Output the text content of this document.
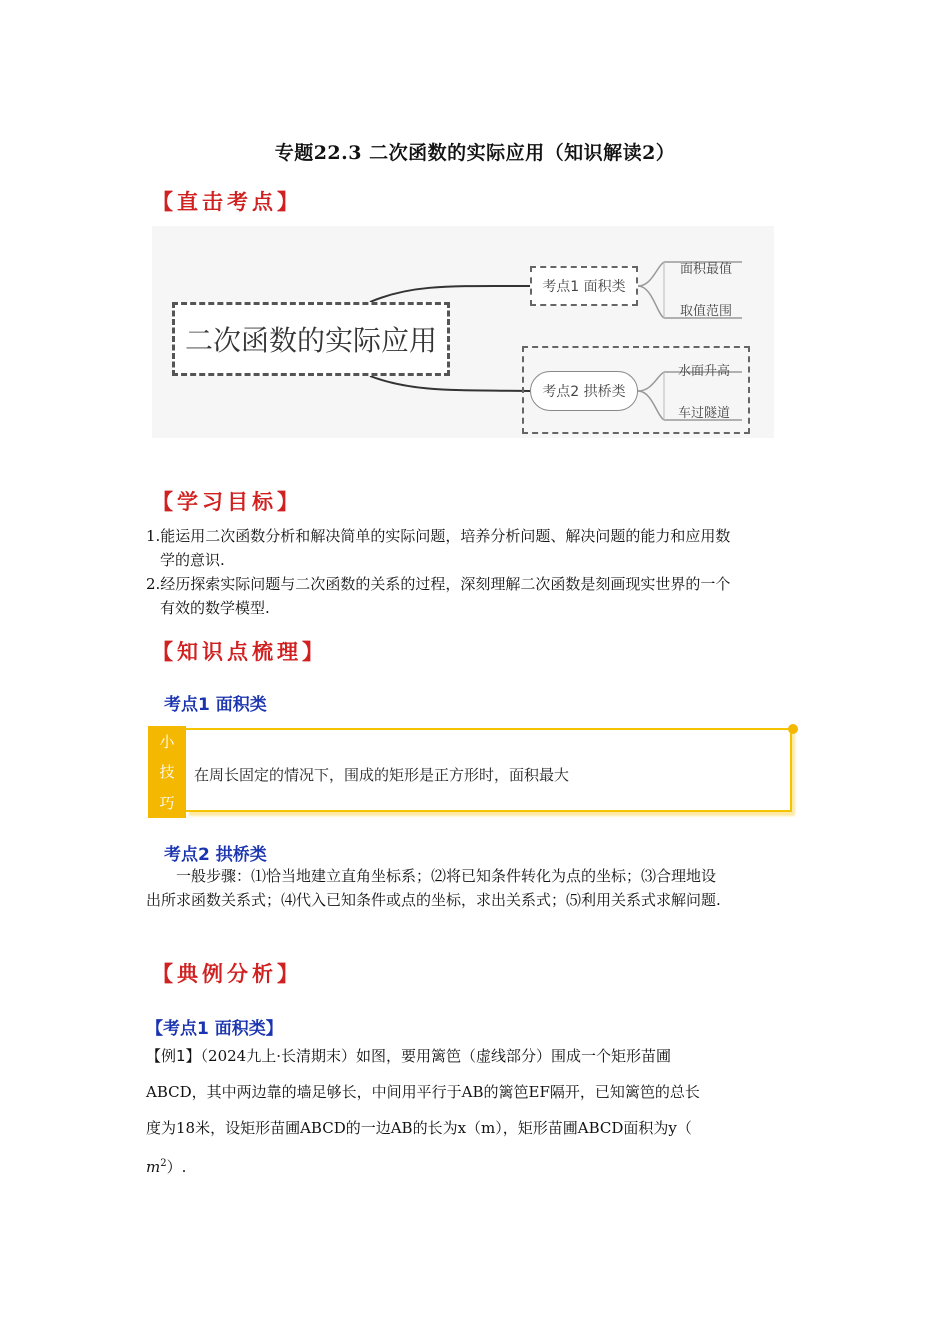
专题22.3 二次函数的实际应用（知识解读2）
【直击考点】
二次函数的实际应用
考点1 面积类
考点2 拱桥类
面积最值
取值范围
水面升高
车过隧道
【学习目标】
1.能运用二次函数分析和解决简单的实际问题，培养分析问题、解决问题的能力和应用数
学的意识.
2.经历探索实际问题与二次函数的关系的过程，深刻理解二次函数是刻画现实世界的一个
有效的数学模型.
【知识点梳理】
考点1 面积类
在周长固定的情况下，围成的矩形是正方形时，面积最大
小
技
巧
考点2 拱桥类
一般步骤：⑴恰当地建立直角坐标系；⑵将已知条件转化为点的坐标；⑶合理地设
出所求函数关系式；⑷代入已知条件或点的坐标，求出关系式；⑸利用关系式求解问题.
【典例分析】
【考点1 面积类】

【例1】（2024九上·长清期末）如图，要用篱笆（虚线部分）围成一个矩形苗圃

ABCD，其中两边靠的墙足够长，中间用平行于AB的篱笆EF隔开，已知篱笆的总长

度为18米，设矩形苗圃ABCD的一边AB的长为x（m），矩形苗圃ABCD面积为y（

$m^2$）.
